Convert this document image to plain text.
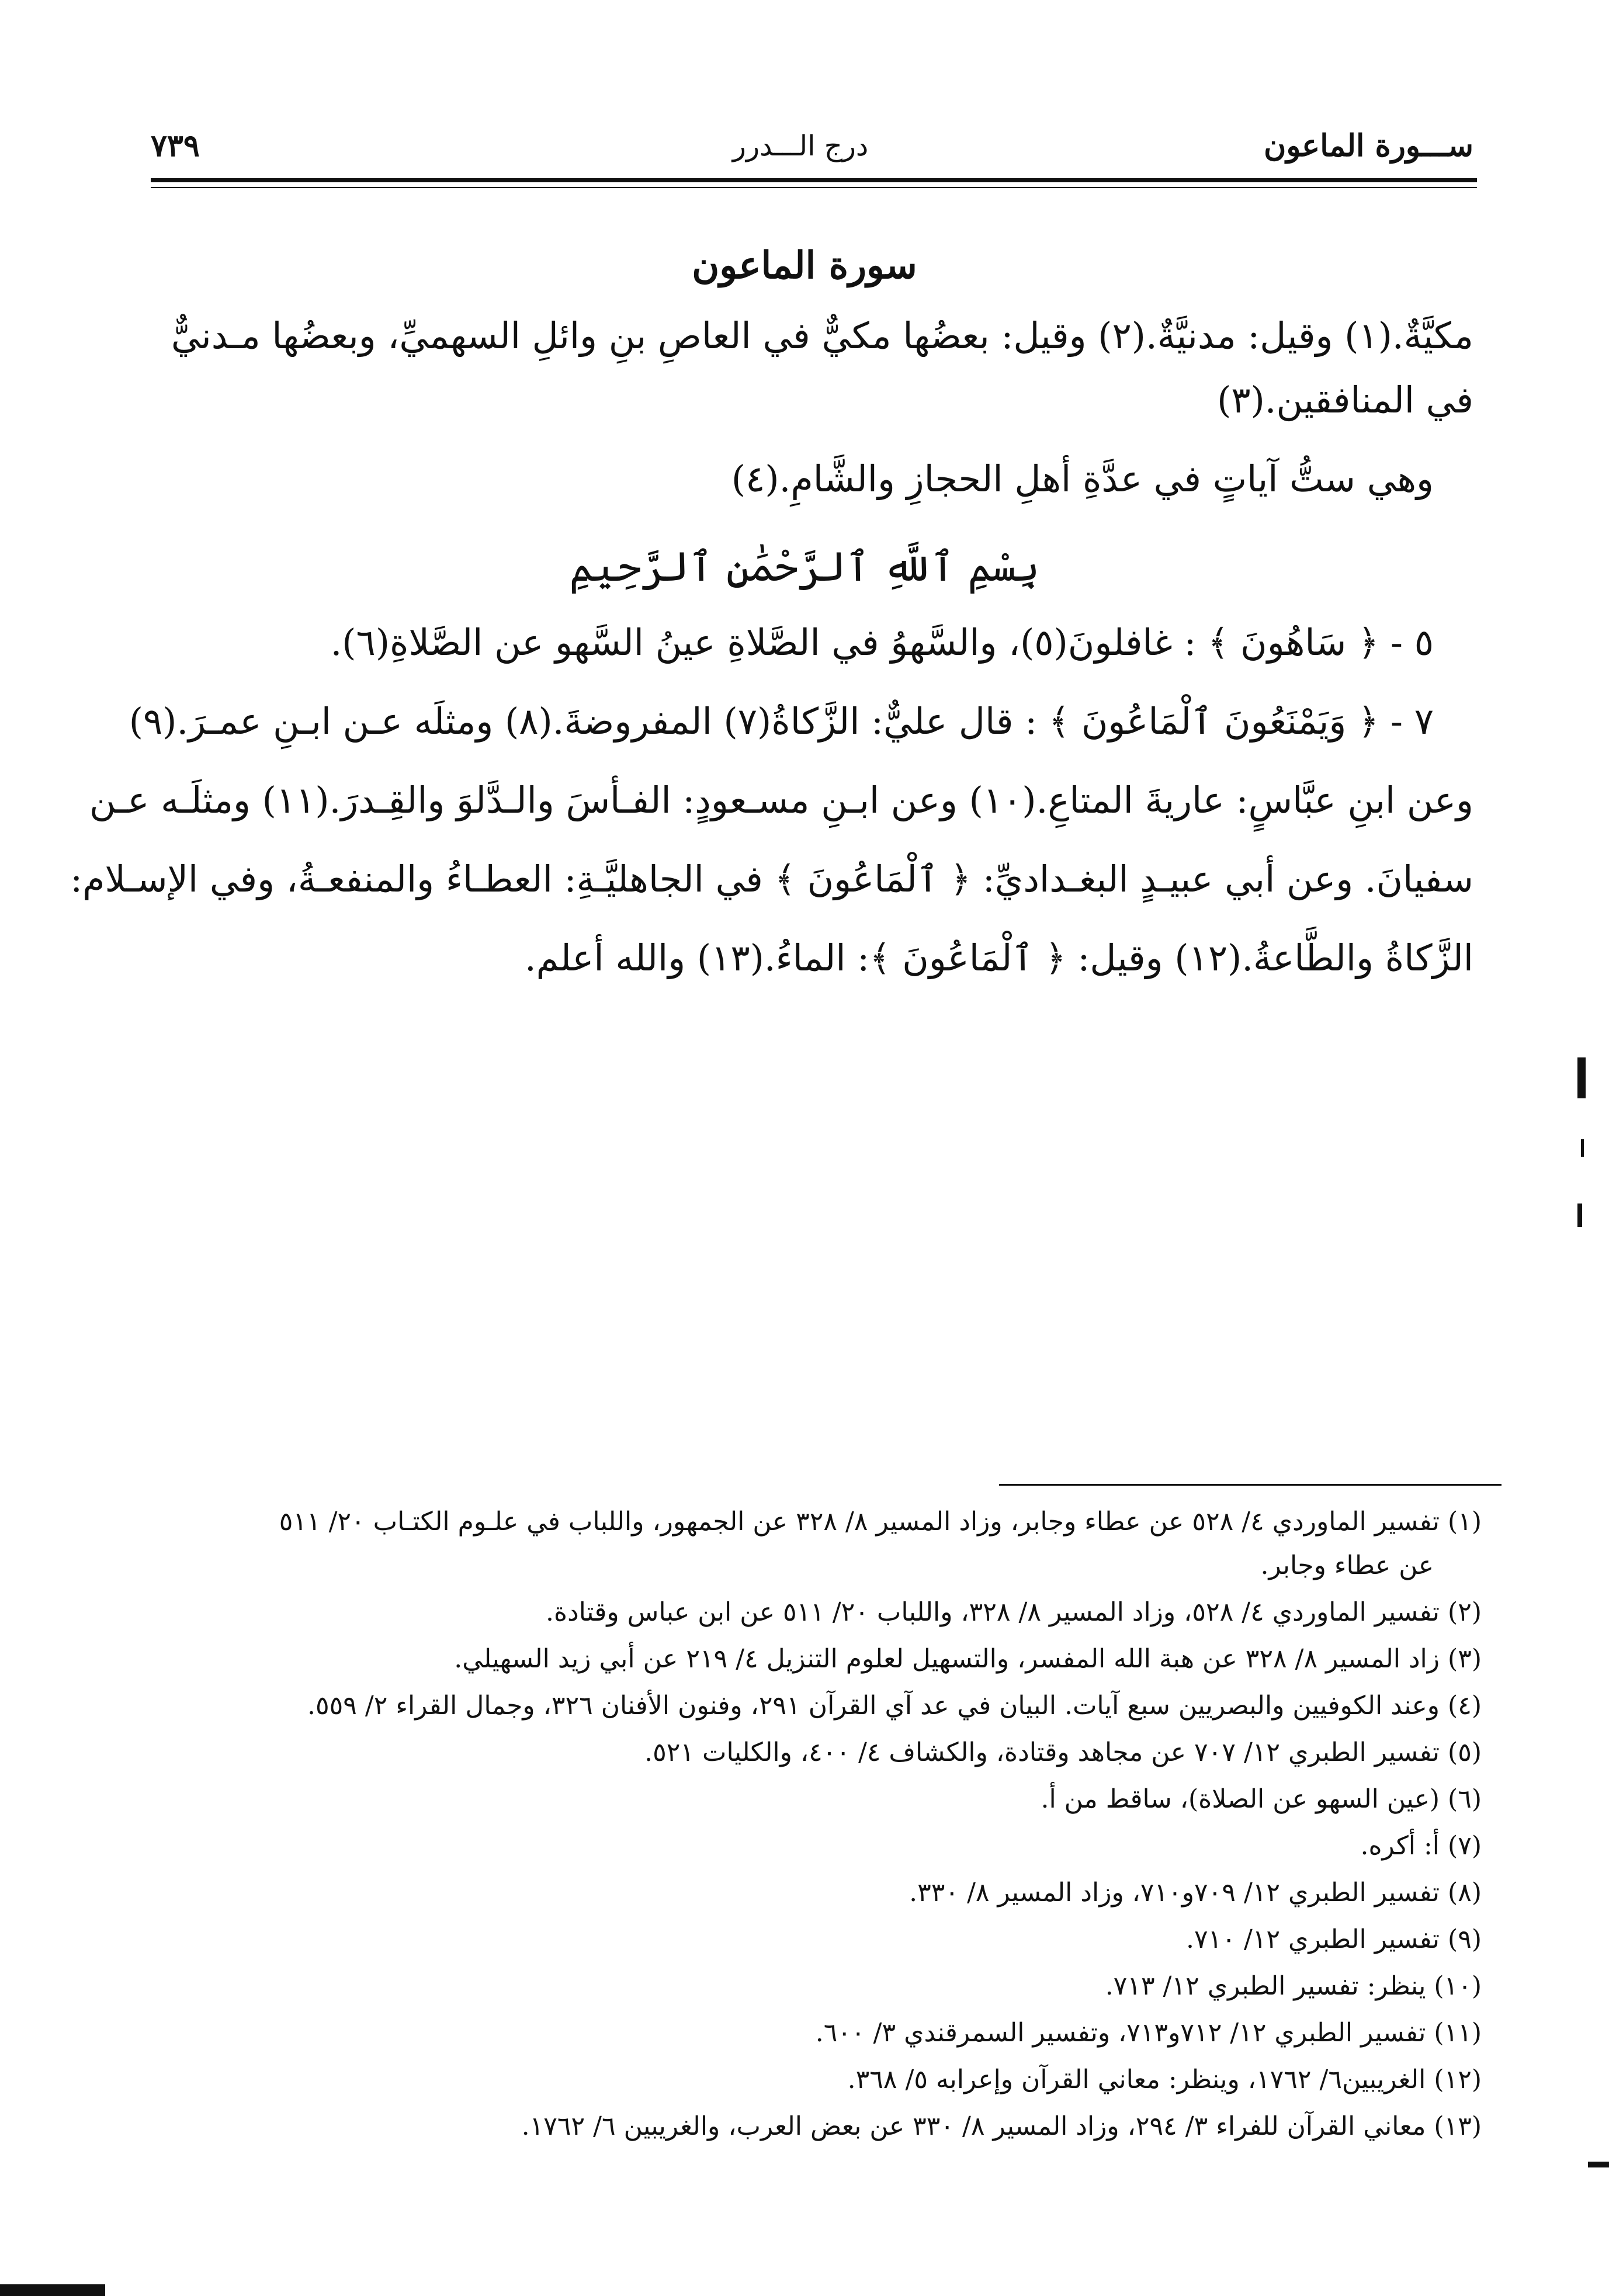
ســـورة الماعون
درج الـــدرر
٧٣٩
سورة الماعون
مكيَّةٌ.(١) وقيل: مدنيَّةٌ.(٢) وقيل: بعضُها مكيٌّ في العاصِ بنِ وائلِ السهميِّ، وبعضُها مـدنيٌّ
في المنافقين.(٣)
وهي ستُّ آياتٍ في عدَّةِ أهلِ الحجازِ والشَّامِ.(٤)
بِسْمِ ٱللَّهِ ٱلرَّحْمَٰنِ ٱلرَّحِيمِ
٥ - ﴿ سَاهُونَ ﴾ : غافلونَ(٥)، والسَّهوُ في الصَّلاةِ عينُ السَّهو عن الصَّلاةِ(٦).
٧ - ﴿ وَيَمْنَعُونَ ٱلْمَاعُونَ ﴾ : قال عليٌّ: الزَّكاةُ(٧) المفروضةَ.(٨) ومثلَه عـن ابـنِ عمـرَ.(٩)
وعن ابنِ عبَّاسٍ: عاريةَ المتاعِ.(١٠) وعن ابـنِ مسـعودٍ: الفـأسَ والـدَّلوَ والقِـدرَ.(١١) ومثلَـه عـن
سفيانَ. وعن أبي عبيـدٍ البغـداديِّ: ﴿ ٱلْمَاعُونَ ﴾ في الجاهليَّـةِ: العطـاءُ والمنفعـةُ، وفي الإسـلام:
الزَّكاةُ والطَّاعةُ.(١٢) وقيل: ﴿ ٱلْمَاعُونَ ﴾: الماءُ.(١٣) والله أعلم.
(١) تفسير الماوردي ٤/ ٥٢٨ عن عطاء وجابر، وزاد المسير ٨/ ٣٢٨ عن الجمهور، واللباب في علـوم الكتـاب ٢٠/ ٥١١
عن عطاء وجابر.
(٢) تفسير الماوردي ٤/ ٥٢٨، وزاد المسير ٨/ ٣٢٨، واللباب ٢٠/ ٥١١ عن ابن عباس وقتادة.
(٣) زاد المسير ٨/ ٣٢٨ عن هبة الله المفسر، والتسهيل لعلوم التنزيل ٤/ ٢١٩ عن أبي زيد السهيلي.
(٤) وعند الكوفيين والبصريين سبع آيات. البيان في عد آي القرآن ٢٩١، وفنون الأفنان ٣٢٦، وجمال القراء ٢/ ٥٥٩.
(٥) تفسير الطبري ١٢/ ٧٠٧ عن مجاهد وقتادة، والكشاف ٤/ ٤٠٠، والكليات ٥٢١.
(٦) (عين السهو عن الصلاة)، ساقط من أ.
(٧) أ: أكره.
(٨) تفسير الطبري ١٢/ ٧٠٩و٧١٠، وزاد المسير ٨/ ٣٣٠.
(٩) تفسير الطبري ١٢/ ٧١٠.
(١٠) ينظر: تفسير الطبري ١٢/ ٧١٣.
(١١) تفسير الطبري ١٢/ ٧١٢و٧١٣، وتفسير السمرقندي ٣/ ٦٠٠.
(١٢) الغريبين٦/ ١٧٦٢، وينظر: معاني القرآن وإعرابه ٥/ ٣٦٨.
(١٣) معاني القرآن للفراء ٣/ ٢٩٤، وزاد المسير ٨/ ٣٣٠ عن بعض العرب، والغريبين ٦/ ١٧٦٢.
